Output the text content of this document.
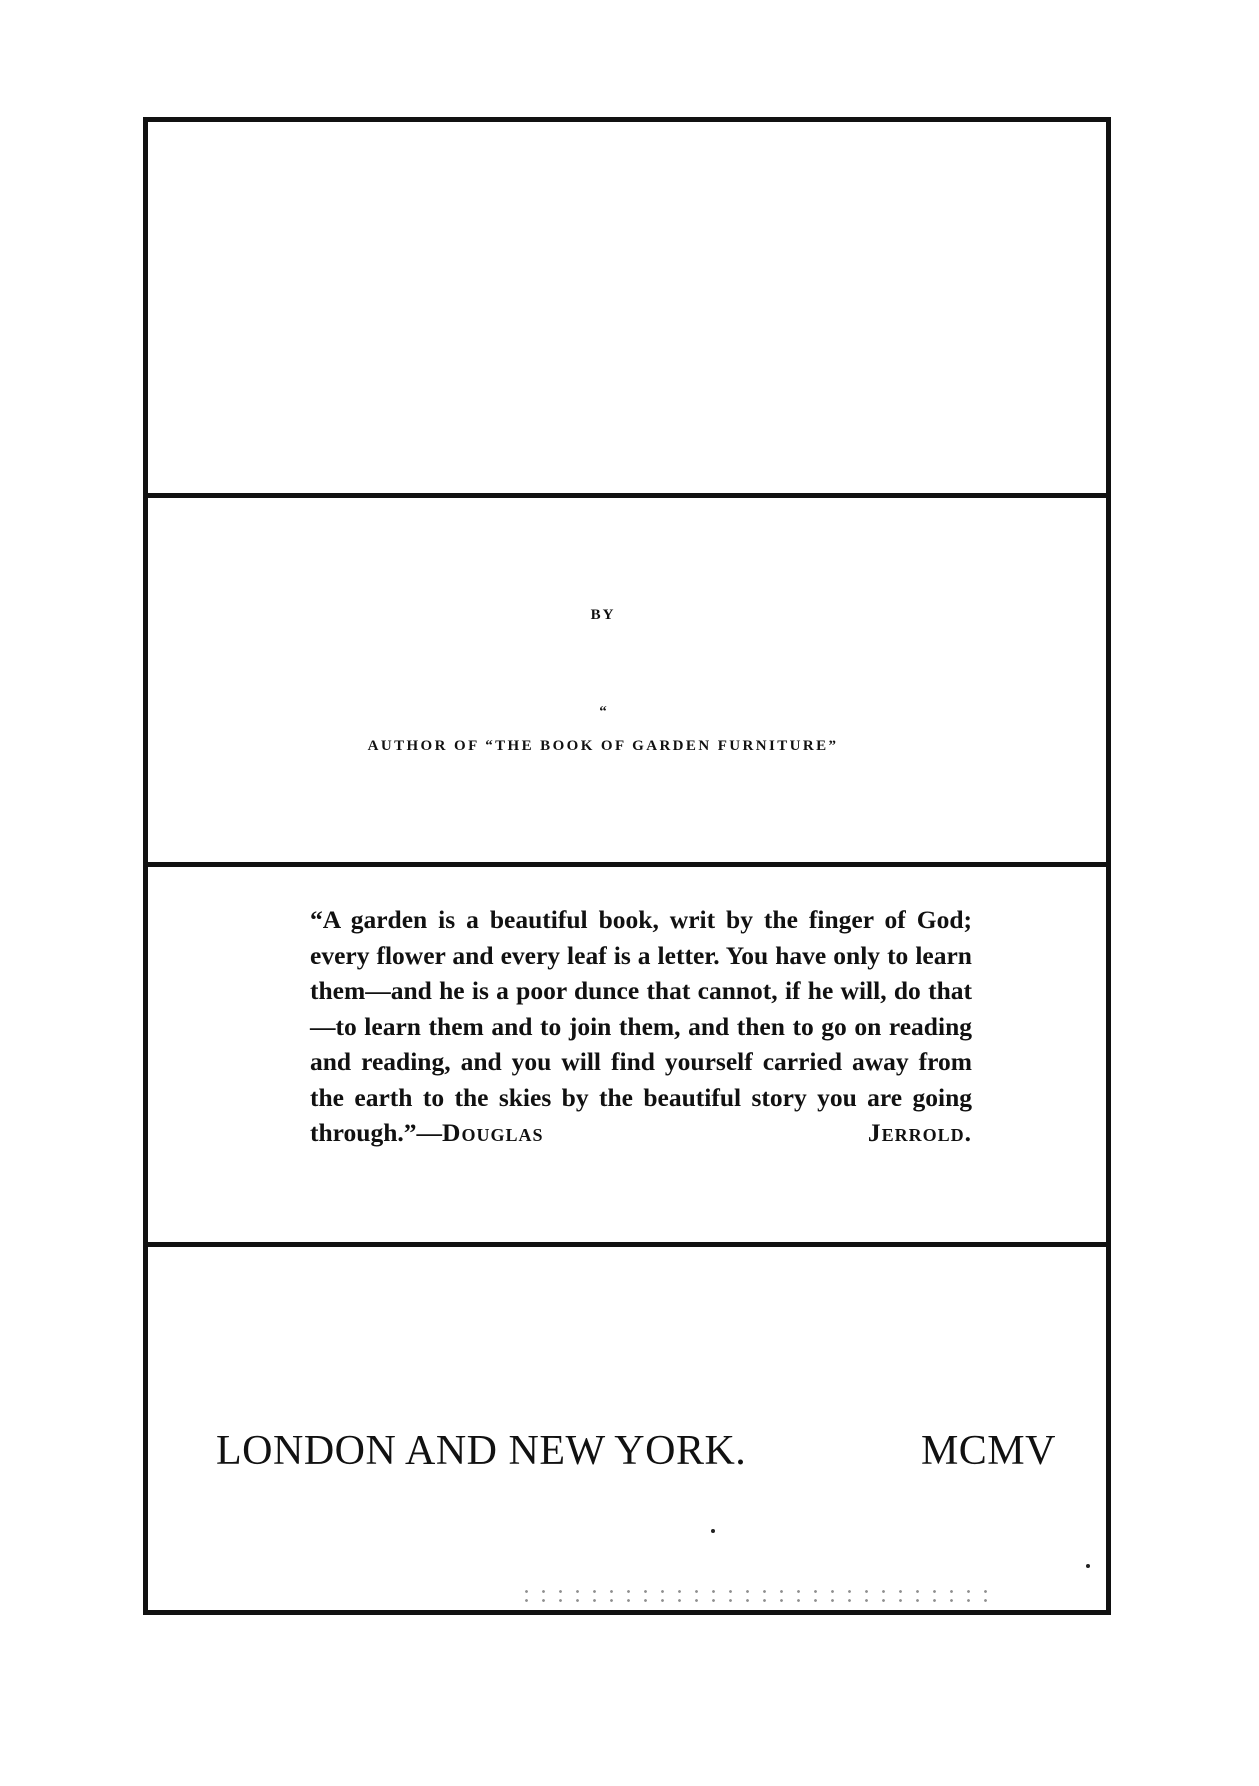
BY
“
AUTHOR OF “THE BOOK OF GARDEN FURNITURE”

“A garden is a beautiful book, writ by the finger of God; every flower and every leaf is a letter. You have only to learn them—and he is a poor dunce that cannot, if he will, do that—to learn them and to join them, and then to go on reading and reading, and you will find yourself carried away from the earth to the skies by the beautiful story you are going through.”—Douglas Jerrold.

LONDON AND NEW YORK.	MCMV
